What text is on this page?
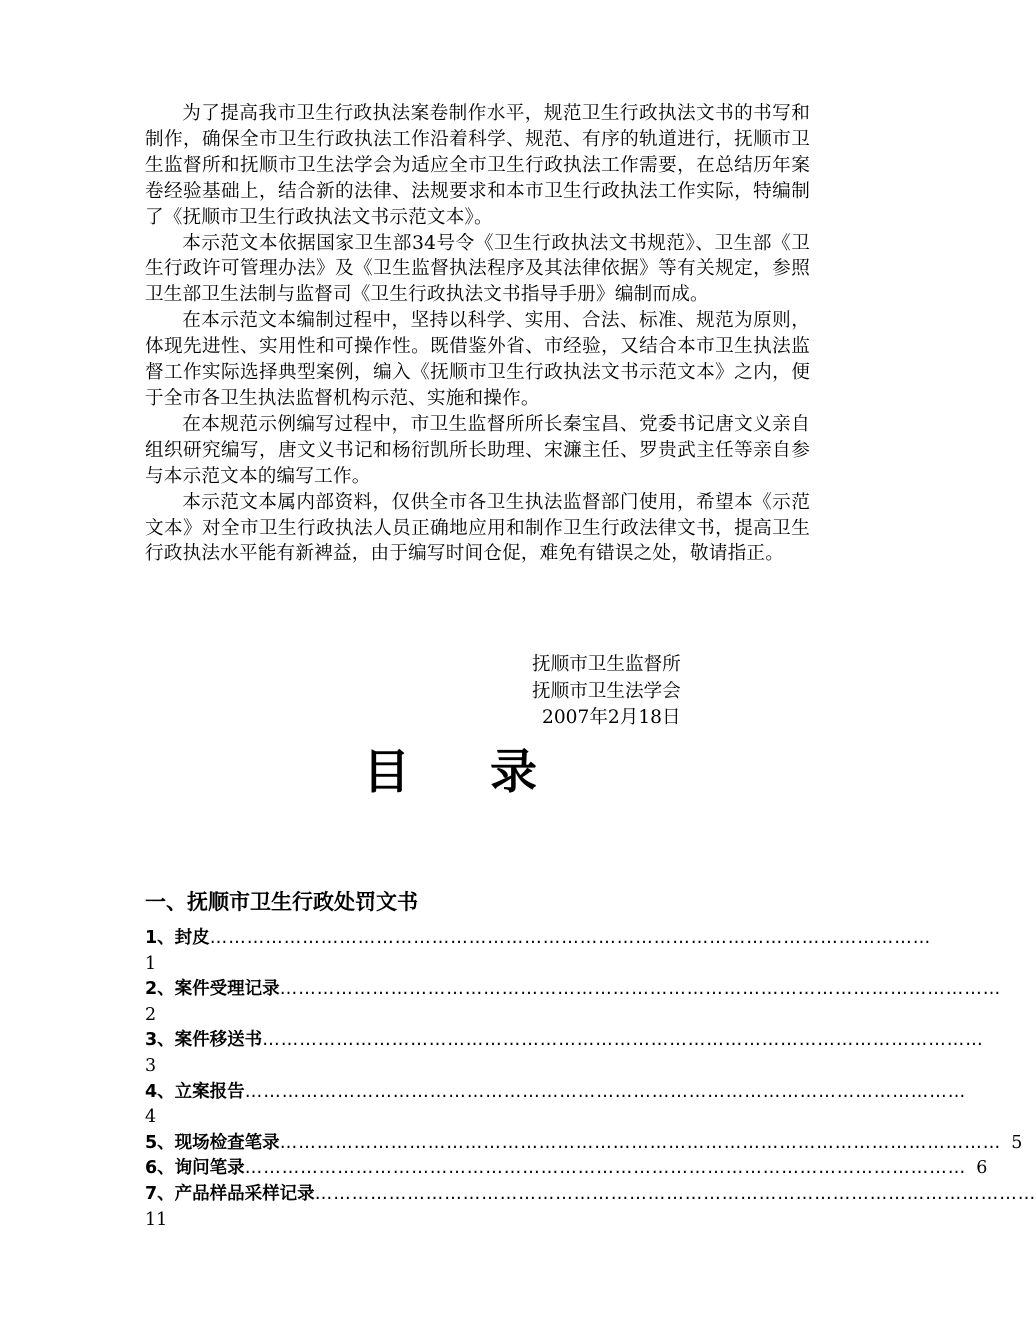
为了提高我市卫生行政执法案卷制作水平，规范卫生行政执法文书的书写和制作，确保全市卫生行政执法工作沿着科学、规范、有序的轨道进行，抚顺市卫生监督所和抚顺市卫生法学会为适应全市卫生行政执法工作需要，在总结历年案卷经验基础上，结合新的法律、法规要求和本市卫生行政执法工作实际，特编制了《抚顺市卫生行政执法文书示范文本》。

本示范文本依据国家卫生部34号令《卫生行政执法文书规范》、卫生部《卫生行政许可管理办法》及《卫生监督执法程序及其法律依据》等有关规定，参照卫生部卫生法制与监督司《卫生行政执法文书指导手册》编制而成。

在本示范文本编制过程中，坚持以科学、实用、合法、标准、规范为原则，体现先进性、实用性和可操作性。既借鉴外省、市经验，又结合本市卫生执法监督工作实际选择典型案例，编入《抚顺市卫生行政执法文书示范文本》之内，便于全市各卫生执法监督机构示范、实施和操作。

在本规范示例编写过程中，市卫生监督所所长秦宝昌、党委书记唐文义亲自组织研究编写，唐文义书记和杨衍凯所长助理、宋濂主任、罗贵武主任等亲自参与本示范文本的编写工作。

本示范文本属内部资料，仅供全市各卫生执法监督部门使用，希望本《示范文本》对全市卫生行政执法人员正确地应用和制作卫生行政法律文书，提高卫生行政执法水平能有新裨益，由于编写时间仓促，难免有错误之处，敬请指正。

抚顺市卫生监督所
抚顺市卫生法学会
2007年2月18日
目录
一、抚顺市卫生行政处罚文书
1、封皮 ………………………………………………………………………………………………………
1
2、案件受理记录 ………………………………………………………………………………………………………
2
3、案件移送书 ………………………………………………………………………………………………………
3
4、立案报告 ………………………………………………………………………………………………………
4
5、现场检查笔录 ……………………………………………………………………………………………………… 5
6、询问笔录 ……………………………………………………………………………………………………… 6
7、产品样品采样记录 ………………………………………………………………………………………………………
11
